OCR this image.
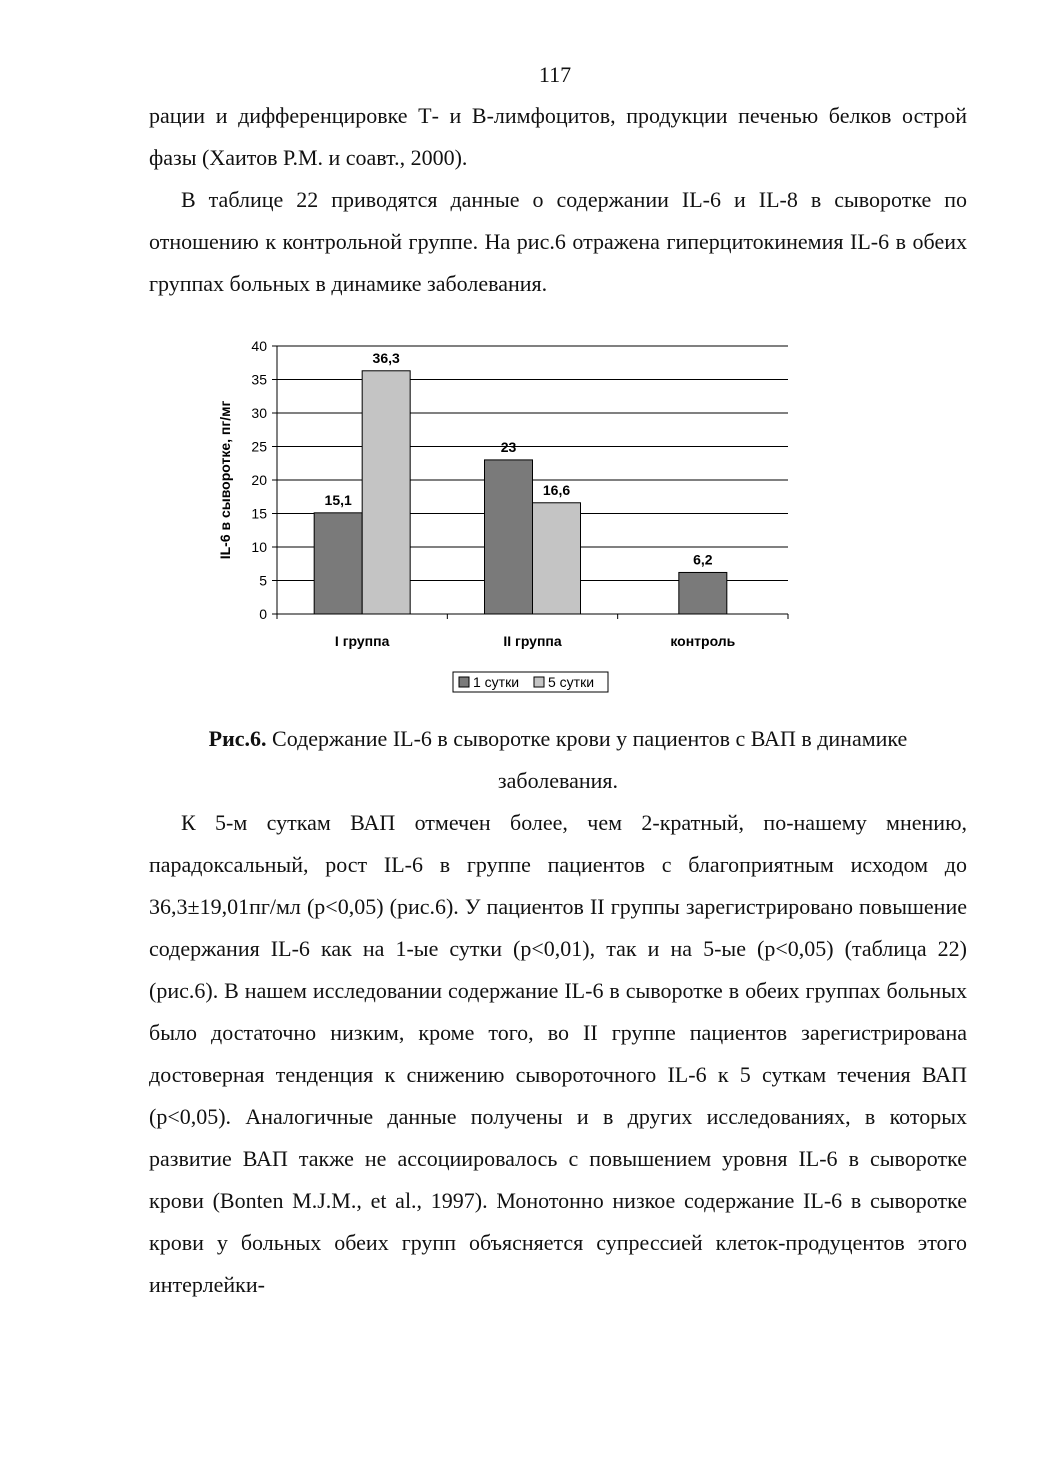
117

рации и дифференцировке Т- и В-лимфоцитов, продукции печенью белков острой фазы (Хаитов Р.М. и соавт., 2000).

В таблице 22 приводятся данные о содержании IL-6 и IL-8 в сыворотке по отношению к контрольной группе. На рис.6 отражена гиперцитокинемия IL-6 в обеих группах больных в динамике заболевания.

15,1
36,3
23
16,6
6,2
0
5
10
15
20
25
30
35
40
I группа	II группа	контроль
IL-6 в сыворотке, пг/мг
1 сутки 5 сутки
Рис.6. Содержание IL-6 в сыворотке крови у пациентов с ВАП в динамике заболевания.

К 5-м суткам ВАП отмечен более, чем 2-кратный, по-нашему мнению, парадоксальный, рост IL-6 в группе пациентов с благоприятным исходом до 36,3±19,01пг/мл (р<0,05) (рис.6). У пациентов II группы зарегистрировано повышение содержания IL-6 как на 1-ые сутки (р<0,01), так и на 5-ые (р<0,05) (таблица 22) (рис.6). В нашем исследовании содержание IL-6 в сыворотке в обеих группах больных было достаточно низким, кроме того, во II группе пациентов зарегистрирована достоверная тенденция к снижению сывороточного IL-6 к 5 суткам течения ВАП (р<0,05). Аналогичные данные получены и в других исследованиях, в которых развитие ВАП также не ассоциировалось с повышением уровня IL-6 в сыворотке крови (Bonten M.J.M., et al., 1997). Монотонно низкое содержание IL-6 в сыворотке крови у больных обеих групп объясняется супрессией клеток-продуцентов этого интерлейки-
